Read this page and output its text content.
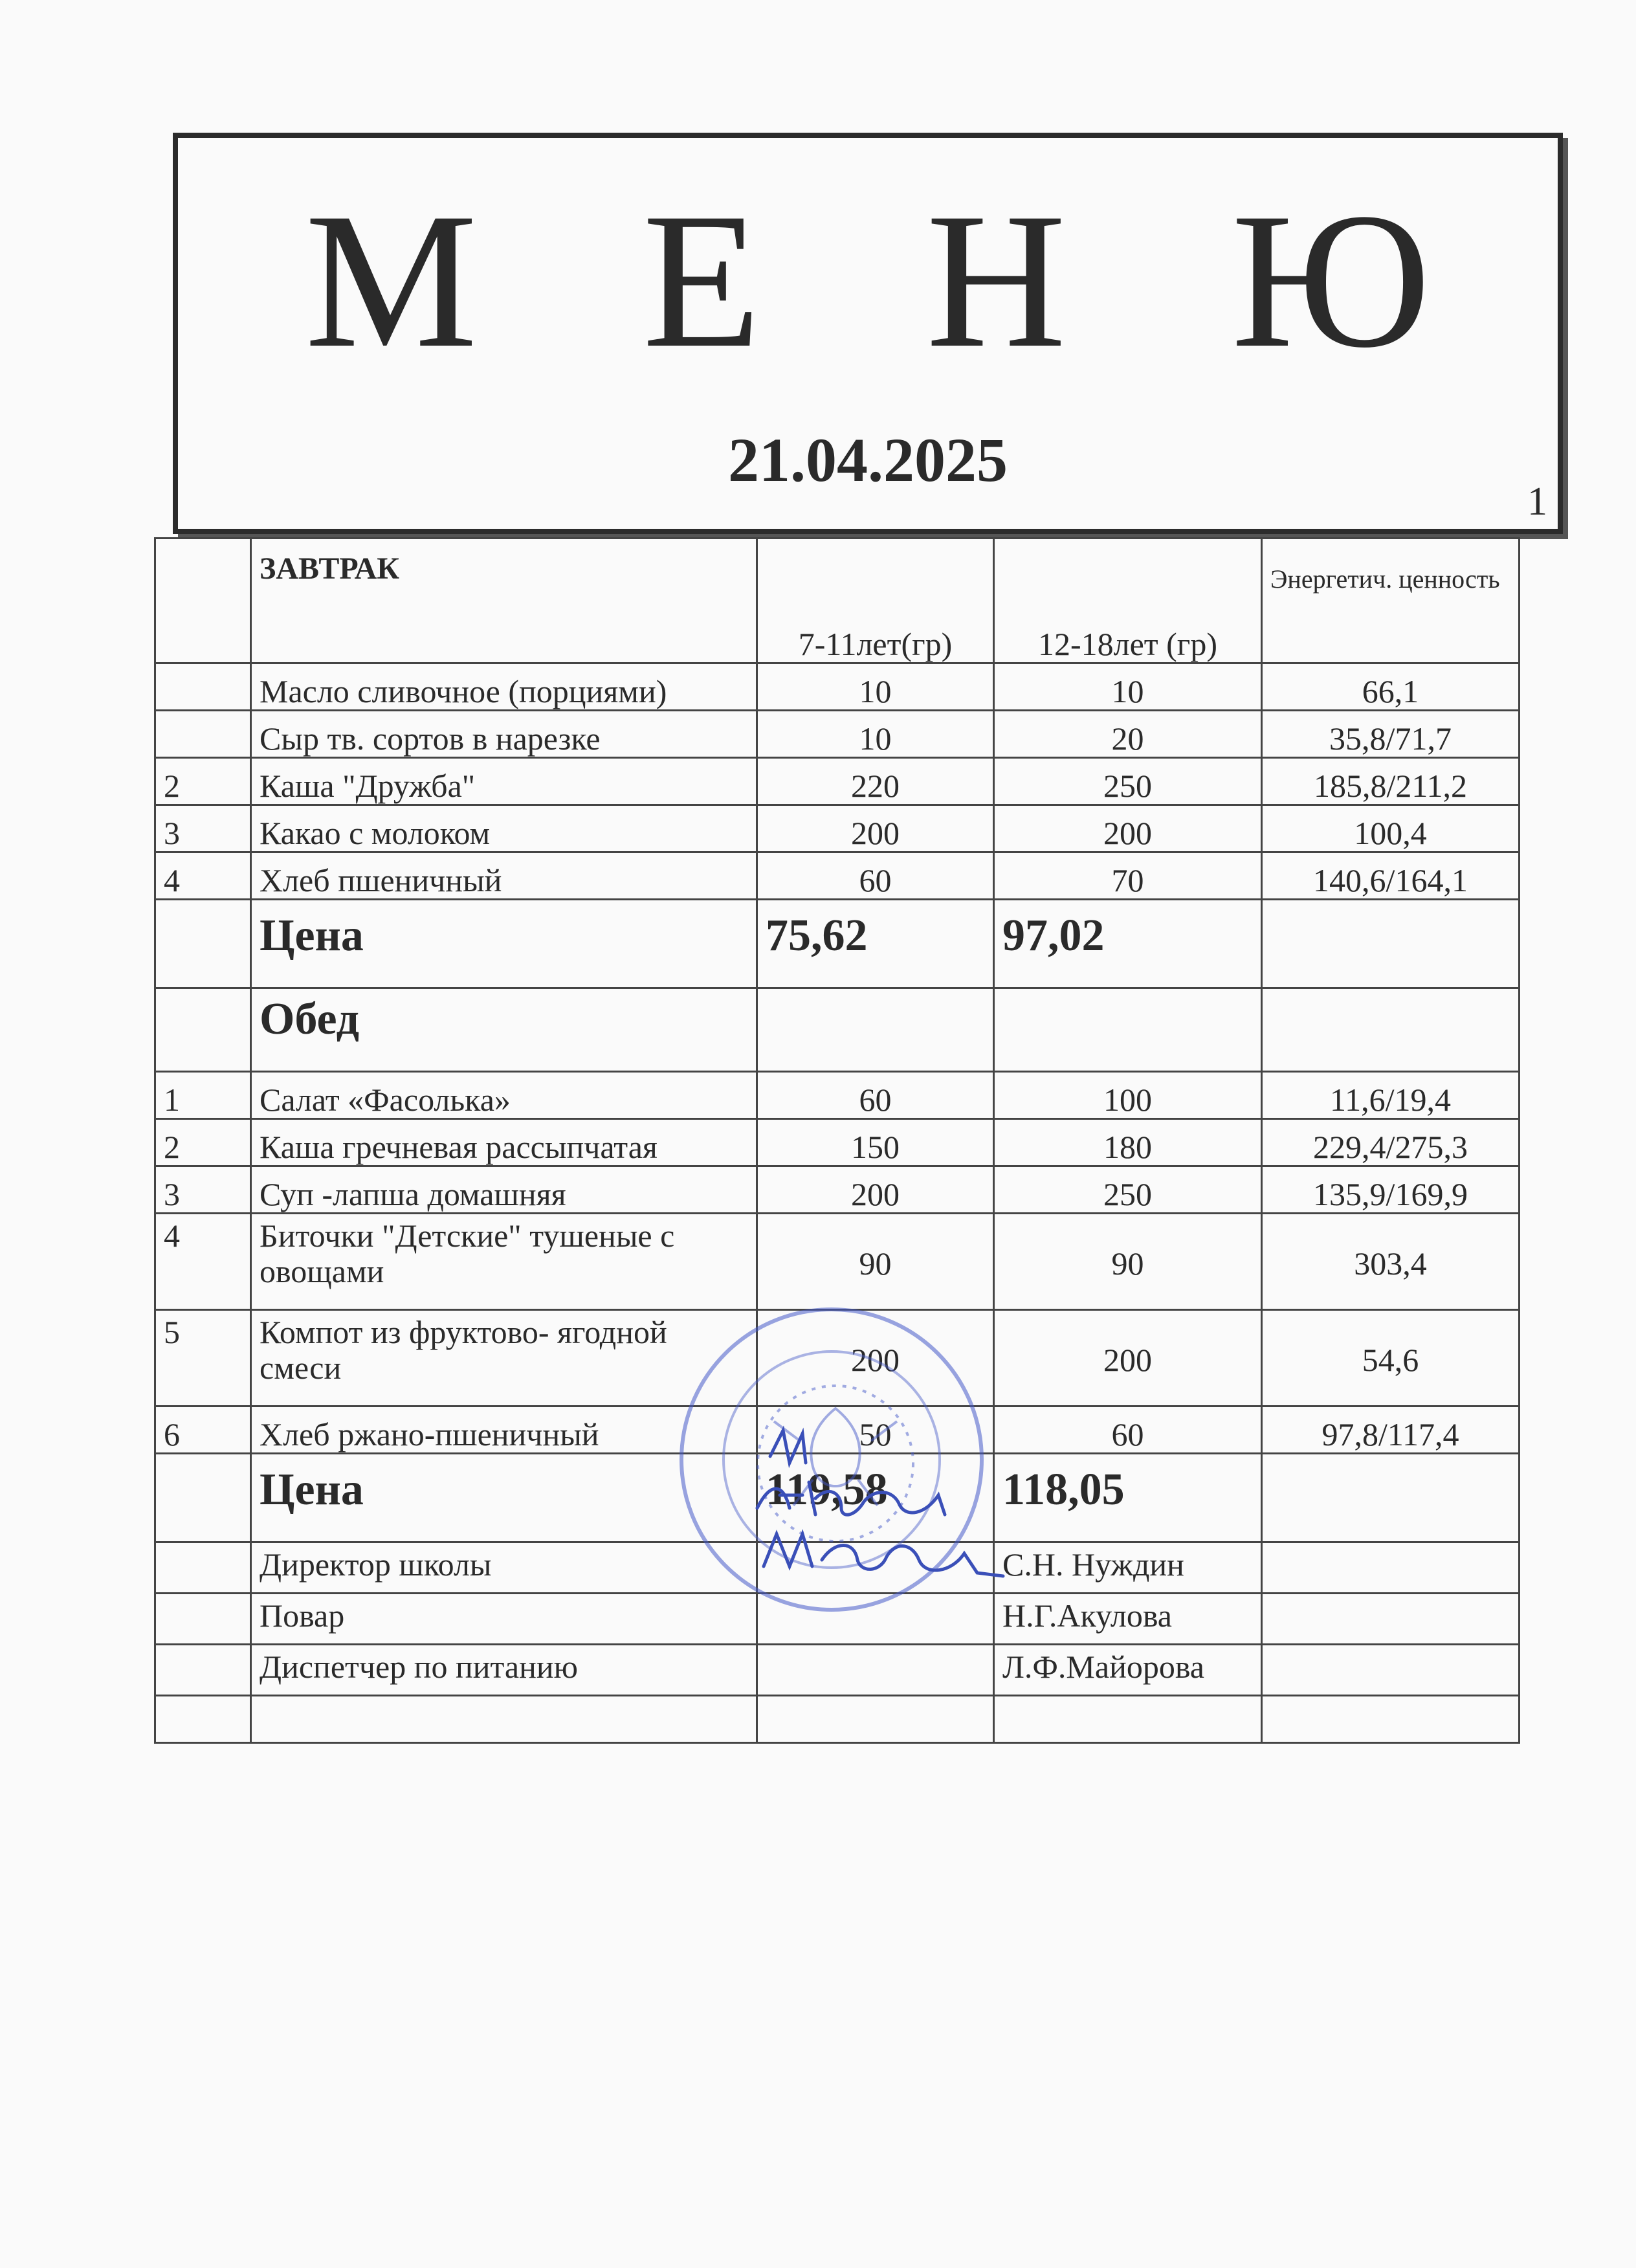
М Е Н Ю
21.04.2025
1
	ЗАВТРАК	7-11лет(гр)	12-18лет (гр)	Энергетич. ценность
	Масло сливочное (порциями)	10	10	66,1
	Сыр тв. сортов в нарезке	10	20	35,8/71,7
2	Каша "Дружба"	220	250	185,8/211,2
3	Какао с молоком	200	200	100,4
4	Хлеб пшеничный	60	70	140,6/164,1
	Цена	75,62	97,02	
	Обед			
1	Салат «Фасолька»	60	100	11,6/19,4
2	Каша гречневая рассыпчатая	150	180	229,4/275,3
3	Суп -лапша домашняя	200	250	135,9/169,9
4	Биточки "Детские" тушеные с овощами	90	90	303,4
5	Компот из фруктово- ягодной смеси	200	200	54,6
6	Хлеб ржано-пшеничный	50	60	97,8/117,4
	Цена	119,58	118,05	
	Директор школы		С.Н. Нуждин	
	Повар		Н.Г.Акулова	
	Диспетчер по питанию		Л.Ф.Майорова	
